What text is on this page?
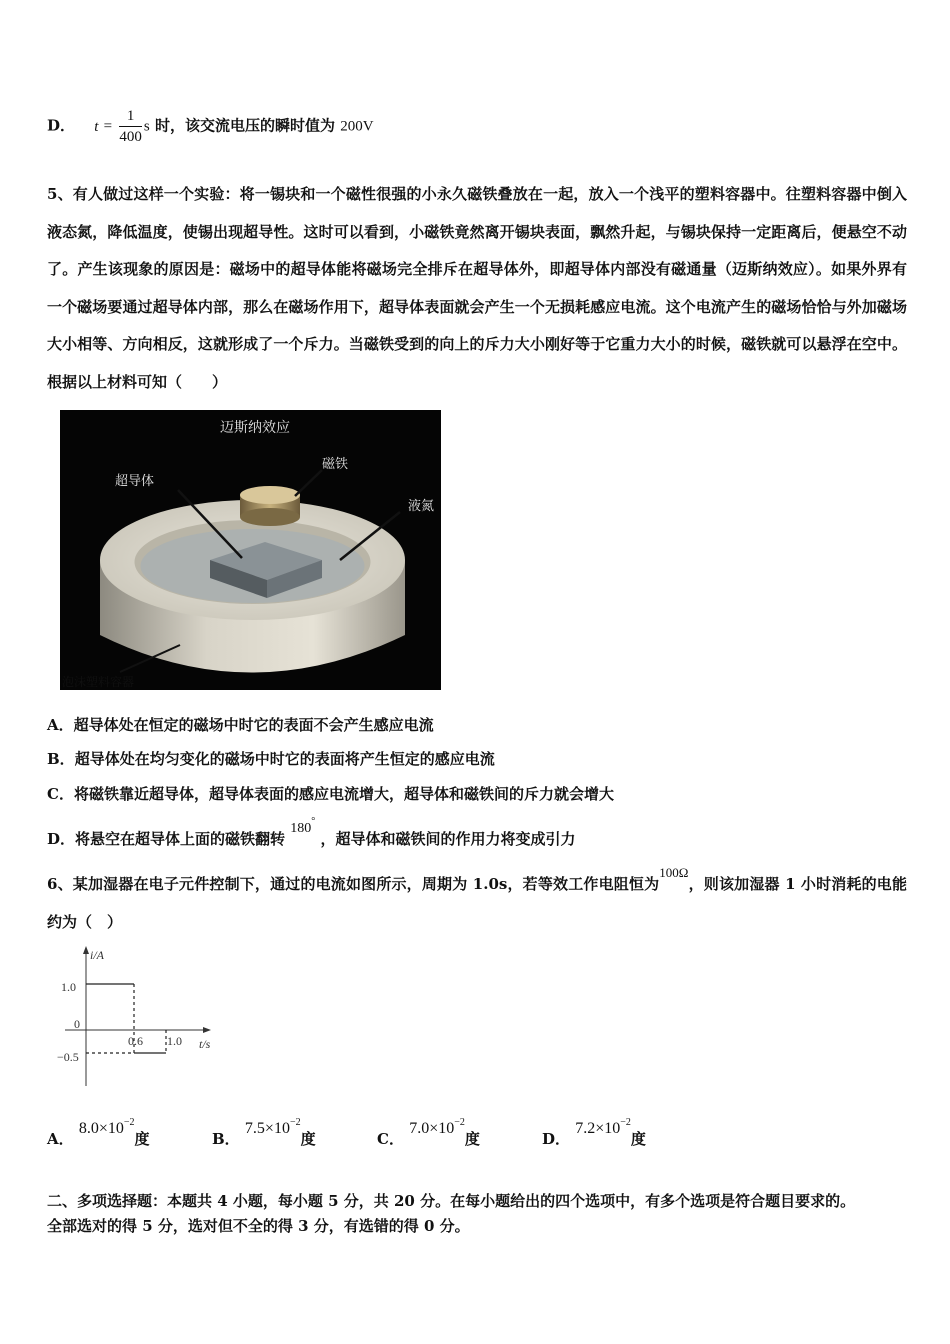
D． $t = \frac{1}{400}$ s 时，该交流电压的瞬时值为 200V
5、有人做过这样一个实验：将一锡块和一个磁性很强的小永久磁铁叠放在一起，放入一个浅平的塑料容器中。往塑料容器中倒入液态氮，降低温度，使锡出现超导性。这时可以看到，小磁铁竟然离开锡块表面，飘然升起，与锡块保持一定距离后，便悬空不动了。产生该现象的原因是：磁场中的超导体能将磁场完全排斥在超导体外，即超导体内部没有磁通量（迈斯纳效应）。如果外界有一个磁场要通过超导体内部，那么在磁场作用下，超导体表面就会产生一个无损耗感应电流。这个电流产生的磁场恰恰与外加磁场大小相等、方向相反，这就形成了一个斥力。当磁铁受到的向上的斥力大小刚好等于它重力大小的时候，磁铁就可以悬浮在空中。根据以上材料可知（　　）
迈斯纳效应
超导体
磁铁
液氮
泡沫塑料容器
A．超导体处在恒定的磁场中时它的表面不会产生感应电流
B．超导体处在均匀变化的磁场中时它的表面将产生恒定的感应电流
C．将磁铁靠近超导体，超导体表面的感应电流增大，超导体和磁铁间的斥力就会增大
D．将悬空在超导体上面的磁铁翻转 180° ，超导体和磁铁间的作用力将变成引力
6、某加湿器在电子元件控制下，通过的电流如图所示，周期为 1.0s，若等效工作电阻恒为100Ω，则该加湿器 1 小时消耗的电能约为（　）
i/A
t/s
1.0
0
−0.5
0.6 1.0
A． $8.0\times 10^{-2}$度	B． $7.5\times 10^{-2}$度	C． $7.0\times 10^{-2}$度	D． $7.2\times 10^{-2}$度
二、多项选择题：本题共 4 小题，每小题 5 分，共 20 分。在每小题给出的四个选项中，有多个选项是符合题目要求的。
全部选对的得 5 分，选对但不全的得 3 分，有选错的得 0 分。
